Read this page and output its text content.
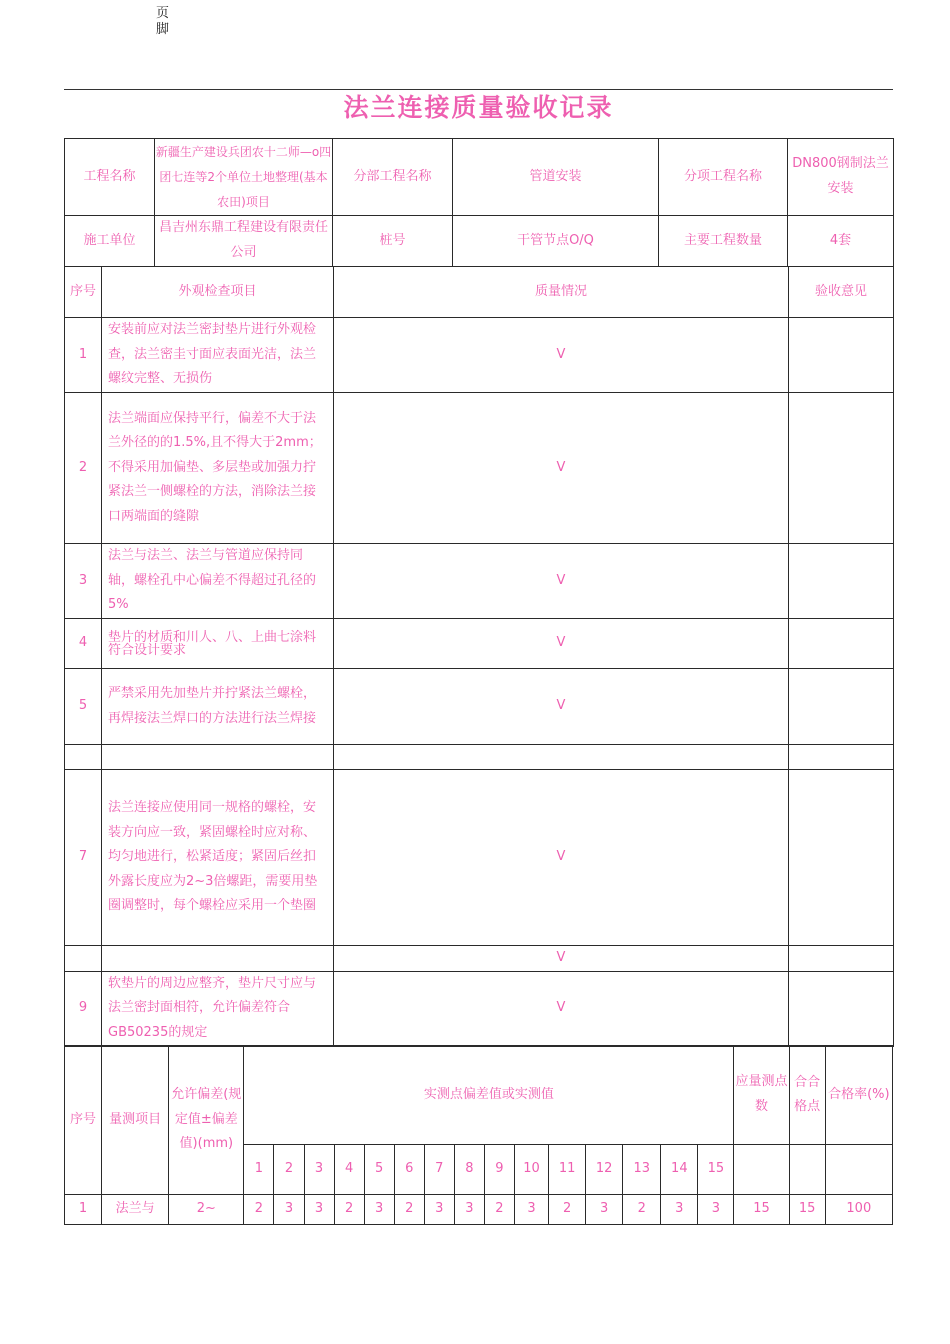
页脚
法兰连接质量验收记录
工程名称	新疆生产建设兵团农十二师—o四团七连等2个单位土地整理(基本农田)项目	分部工程名称	管道安装	分项工程名称	DN800钢制法兰安装
施工单位	昌吉州东鼎工程建设有限责任公司	桩号	干管节点O/Q	主要工程数量	4套
序号	外观检查项目	质量情况	验收意见
1	安装前应对法兰密封垫片进行外观检查，法兰密圭寸面应表面光洁，法兰螺纹完整、无损伤	V	
2	法兰端面应保持平行，偏差不大于法兰外径的的1.5%,且不得大于2mm；不得采用加偏垫、多层垫或加强力拧紧法兰一侧螺栓的方法，消除法兰接口两端面的缝隙	V	
3	法兰与法兰、法兰与管道应保持同轴，螺栓孔中心偏差不得超过孔径的5%	V	
4	垫片的材质和川人、八、上曲七涂料符合设计要求	V	
5	严禁采用先加垫片并拧紧法兰螺栓，再焊接法兰焊口的方法进行法兰焊接	V	

7	法兰连接应使用同一规格的螺栓，安装方向应一致，紧固螺栓时应对称、均匀地进行，松紧适度；紧固后丝扣外露长度应为2~3倍螺距，需要用垫圈调整时，每个螺栓应采用一个垫圈	V	
		V	
9	软垫片的周边应整齐，垫片尺寸应与法兰密封面相符，允许偏差符合GB50235的规定	V	
序号	量测项目	允许偏差(规定值±偏差值)(mm)	实测点偏差值或实测值															应量测点数	合合格点	合格率(%)
			1	2	3	4	5	6	7	8	9	10	11	12	13	14	15			
1	法兰与	2~	2	3	3	2	3	2	3	3	2	3	2	3	2	3	3	15	15	100
